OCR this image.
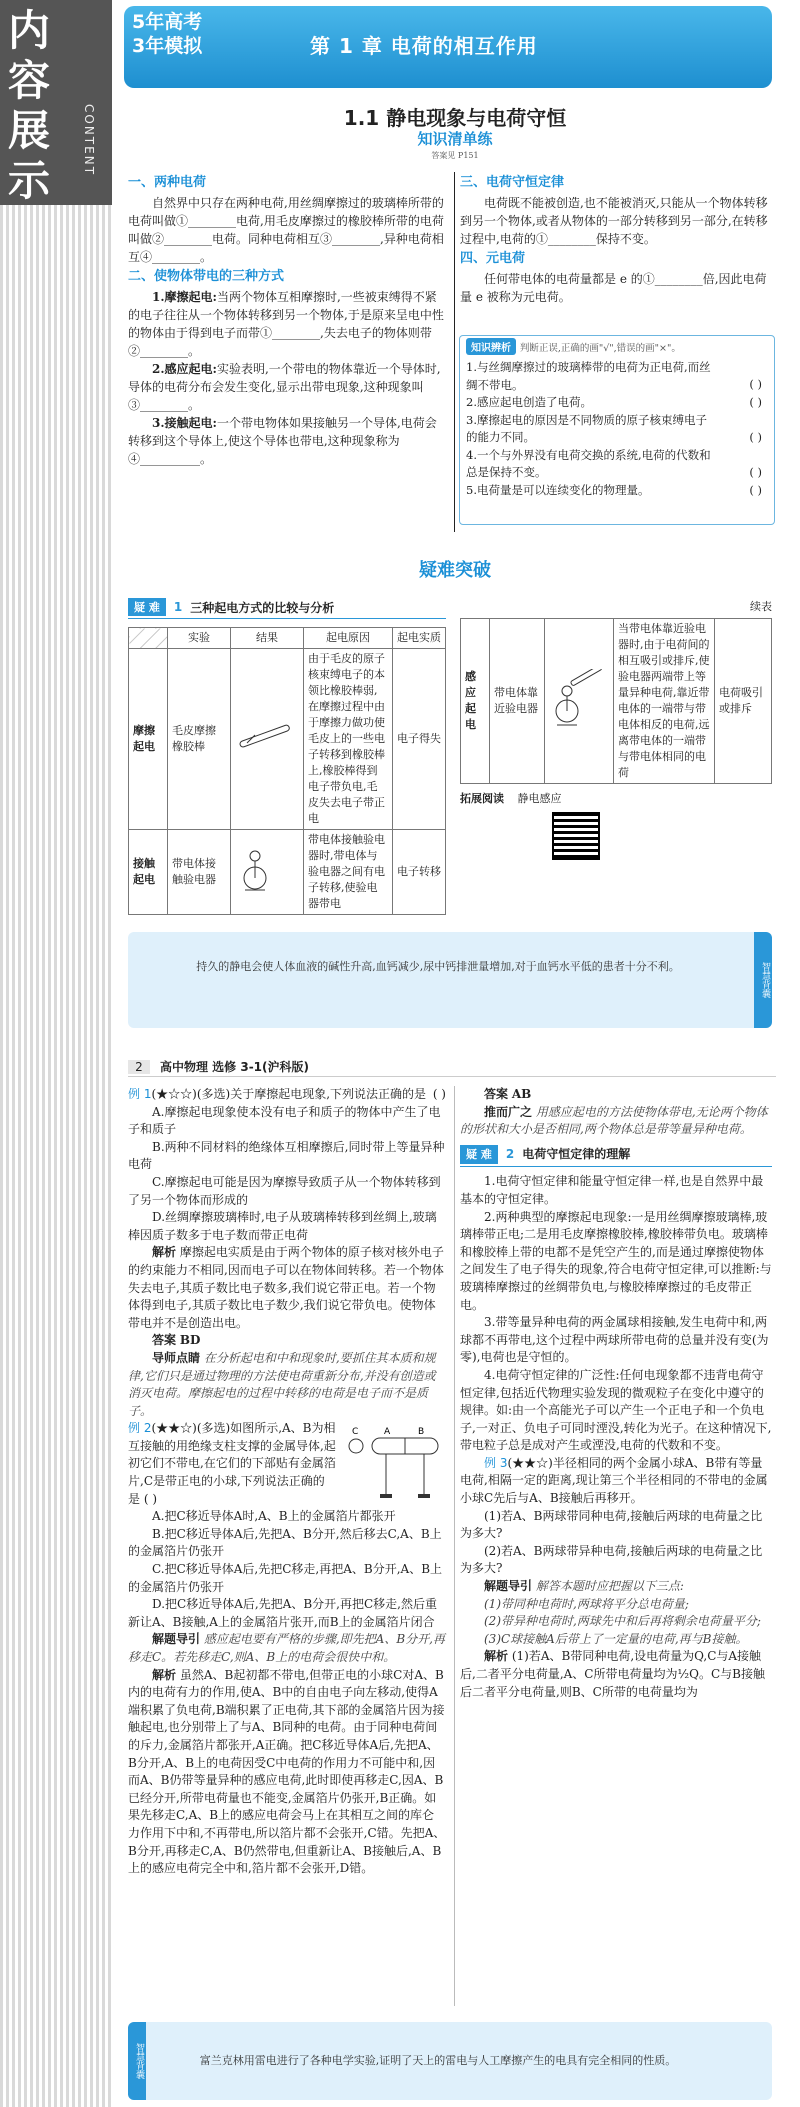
内容展示
CONTENT
5年高考
3年模拟	第 1 章 电荷的相互作用
1.1 静电现象与电荷守恒
知识清单练
答案见 P151
一、两种电荷

自然界中只存在两种电荷,用丝绸摩擦过的玻璃棒所带的电荷叫做①________电荷,用毛皮摩擦过的橡胶棒所带的电荷叫做②________电荷。同种电荷相互③________,异种电荷相互④________。

二、使物体带电的三种方式

1.摩擦起电:当两个物体互相摩擦时,一些被束缚得不紧的电子往往从一个物体转移到另一个物体,于是原来呈电中性的物体由于得到电子而带①________,失去电子的物体则带②________。

2.感应起电:实验表明,一个带电的物体靠近一个导体时,导体的电荷分布会发生变化,显示出带电现象,这种现象叫③________。

3.接触起电:一个带电物体如果接触另一个导体,电荷会转移到这个导体上,使这个导体也带电,这种现象称为④__________。

三、电荷守恒定律

电荷既不能被创造,也不能被消灭,只能从一个物体转移到另一个物体,或者从物体的一部分转移到另一部分,在转移过程中,电荷的①________保持不变。

四、元电荷

任何带电体的电荷量都是 e 的①________倍,因此电荷量 e 被称为元电荷。

知识辨析 判断正误,正确的画"√",错误的画"×"。
1.与丝绸摩擦过的玻璃棒带的电荷为正电荷,而丝绸不带电。	( )
2.感应起电创造了电荷。	( )
3.摩擦起电的原因是不同物质的原子核束缚电子的能力不同。	( )
4.一个与外界没有电荷交换的系统,电荷的代数和总是保持不变。	( )
5.电荷量是可以连续变化的物理量。	( )
疑难突破
疑 难	1 三种起电方式的比较与分析
	实验	结果	起电原因	起电实质
摩擦起电	毛皮摩擦橡胶棒		由于毛皮的原子核束缚电子的本领比橡胶棒弱,在摩擦过程中由于摩擦力做功使毛皮上的一些电子转移到橡胶棒上,橡胶棒得到电子带负电,毛皮失去电子带正电	电子得失
接触起电	带电体接触验电器		带电体接触验电器时,带电体与验电器之间有电子转移,使验电器带电	电子转移
续表
感应起电	带电体靠近验电器		当带电体靠近验电器时,由于电荷间的相互吸引或排斥,使验电器两端带上等量异种电荷,靠近带电体的一端带与带电体相反的电荷,远离带电体的一端带与带电体相同的电荷	电荷吸引或排斥
拓展阅读 静电感应
持久的静电会使人体血液的碱性升高,血钙减少,尿中钙排泄量增加,对于血钙水平低的患者十分不利。	智慧背囊
2 高中物理 选修 3-1(沪科版)

例 1(★☆☆)(多选)关于摩擦起电现象,下列说法正确的是 ( )

A.摩擦起电现象使本没有电子和质子的物体中产生了电子和质子

B.两种不同材料的绝缘体互相摩擦后,同时带上等量异种电荷

C.摩擦起电可能是因为摩擦导致质子从一个物体转移到了另一个物体而形成的

D.丝绸摩擦玻璃棒时,电子从玻璃棒转移到丝绸上,玻璃棒因质子数多于电子数而带正电荷

解析 摩擦起电实质是由于两个物体的原子核对核外电子的约束能力不相同,因而电子可以在物体间转移。若一个物体失去电子,其质子数比电子数多,我们说它带正电。若一个物体得到电子,其质子数比电子数少,我们说它带负电。使物体带电并不是创造出电。

答案 BD

导师点睛 在分析起电和中和现象时,要抓住其本质和规律,它们只是通过物理的方法使电荷重新分布,并没有创造或消灭电荷。摩擦起电的过程中转移的电荷是电子而不是质子。

例 2(★★☆)(多选)如图所示,A、B为相互接触的用绝缘支柱支撑的金属导体,起初它们不带电,在它们的下部贴有金属箔片,C是带正电的小球,下列说法正确的是 ( )

C	A	B

A.把C移近导体A时,A、B上的金属箔片都张开

B.把C移近导体A后,先把A、B分开,然后移去C,A、B上的金属箔片仍张开

C.把C移近导体A后,先把C移走,再把A、B分开,A、B上的金属箔片仍张开

D.把C移近导体A后,先把A、B分开,再把C移走,然后重新让A、B接触,A上的金属箔片张开,而B上的金属箔片闭合

解题导引 感应起电要有严格的步骤,即先把A、B分开,再移走C。若先移走C,则A、B上的电荷会很快中和。

解析 虽然A、B起初都不带电,但带正电的小球C对A、B内的电荷有力的作用,使A、B中的自由电子向左移动,使得A端积累了负电荷,B端积累了正电荷,其下部的金属箔片因为接触起电,也分别带上了与A、B同种的电荷。由于同种电荷间的斥力,金属箔片都张开,A正确。把C移近导体A后,先把A、B分开,A、B上的电荷因受C中电荷的作用力不可能中和,因而A、B仍带等量异种的感应电荷,此时即使再移走C,因A、B已经分开,所带电荷量也不能变,金属箔片仍张开,B正确。如果先移走C,A、B上的感应电荷会马上在其相互之间的库仑力作用下中和,不再带电,所以箔片都不会张开,C错。先把A、B分开,再移走C,A、B仍然带电,但重新让A、B接触后,A、B上的感应电荷完全中和,箔片都不会张开,D错。

答案 AB

推而广之 用感应起电的方法使物体带电,无论两个物体的形状和大小是否相同,两个物体总是带等量异种电荷。

疑 难	2 电荷守恒定律的理解

1.电荷守恒定律和能量守恒定律一样,也是自然界中最基本的守恒定律。

2.两种典型的摩擦起电现象:一是用丝绸摩擦玻璃棒,玻璃棒带正电;二是用毛皮摩擦橡胶棒,橡胶棒带负电。玻璃棒和橡胶棒上带的电都不是凭空产生的,而是通过摩擦使物体之间发生了电子得失的现象,符合电荷守恒定律,可以推断:与玻璃棒摩擦过的丝绸带负电,与橡胶棒摩擦过的毛皮带正电。

3.带等量异种电荷的两金属球相接触,发生电荷中和,两球都不再带电,这个过程中两球所带电荷的总量并没有变(为零),电荷也是守恒的。

4.电荷守恒定律的广泛性:任何电现象都不违背电荷守恒定律,包括近代物理实验发现的微观粒子在变化中遵守的规律。如:由一个高能光子可以产生一个正电子和一个负电子,一对正、负电子可同时湮没,转化为光子。在这种情况下,带电粒子总是成对产生或湮没,电荷的代数和不变。

例 3(★★☆)半径相同的两个金属小球A、B带有等量电荷,相隔一定的距离,现让第三个半径相同的不带电的金属小球C先后与A、B接触后再移开。

(1)若A、B两球带同种电荷,接触后两球的电荷量之比为多大?

(2)若A、B两球带异种电荷,接触后两球的电荷量之比为多大?

解题导引 解答本题时应把握以下三点:

(1)带同种电荷时,两球将平分总电荷量;

(2)带异种电荷时,两球先中和后再将剩余电荷量平分;

(3)C球接触A后带上了一定量的电荷,再与B接触。

解析 (1)若A、B带同种电荷,设电荷量为Q,C与A接触后,二者平分电荷量,A、C所带电荷量均为½Q。C与B接触后二者平分电荷量,则B、C所带的电荷量均为

富兰克林用雷电进行了各种电学实验,证明了天上的雷电与人工摩擦产生的电具有完全相同的性质。
智慧背囊
